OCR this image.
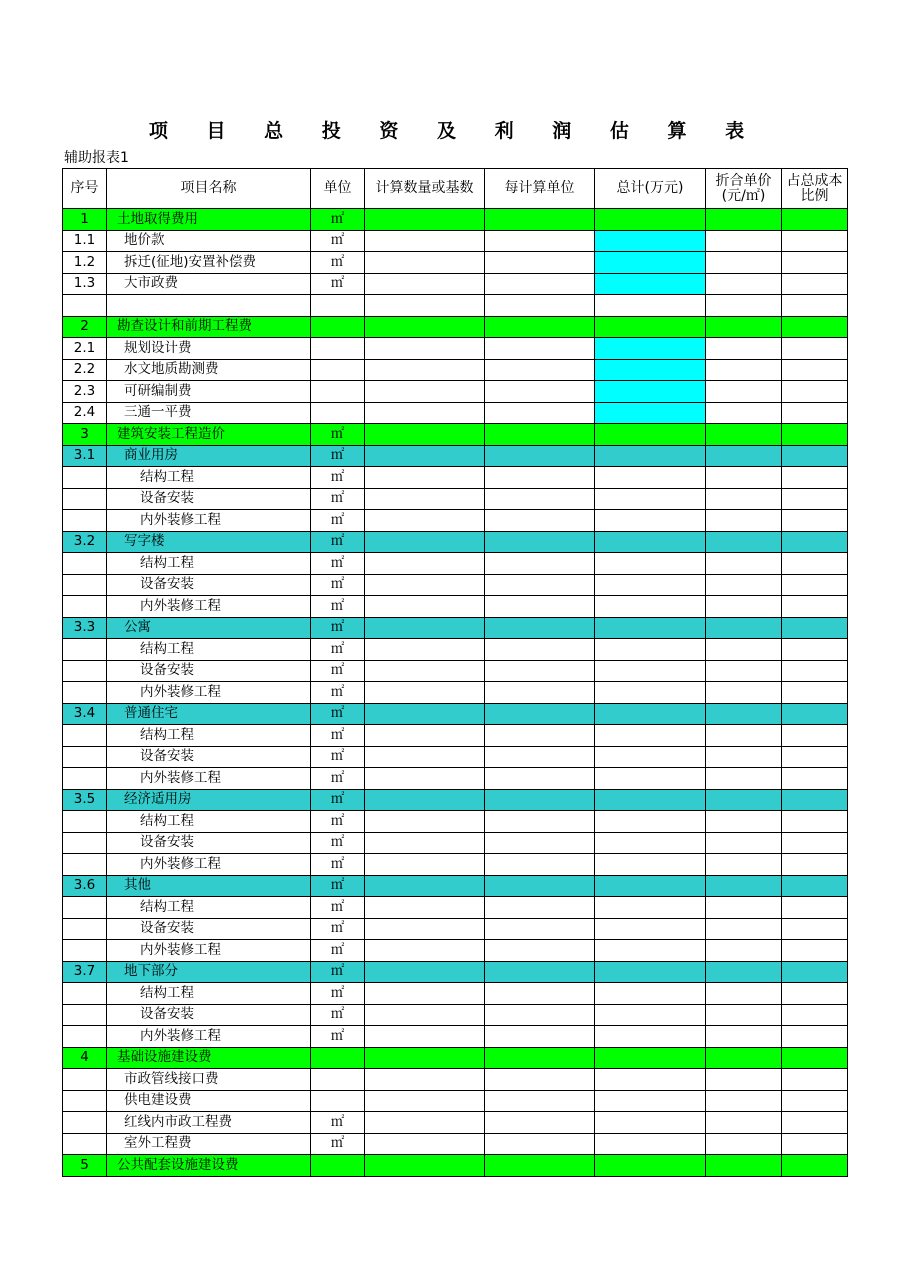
项 目 总 投 资 及 利 润 估 算 表
辅助报表1
序号	项目名称	单位	计算数量或基数	每计算单位	总计(万元)	折合单价(元/㎡)	占总成本比例
1	土地取得费用	㎡					
1.1	地价款	㎡					
1.2	拆迁(征地)安置补偿费	㎡					
1.3	大市政费	㎡					

2	勘查设计和前期工程费						
2.1	规划设计费						
2.2	水文地质勘测费						
2.3	可研编制费						
2.4	三通一平费						
3	建筑安装工程造价	㎡					
3.1	商业用房	㎡					
	结构工程	㎡					
	设备安装	㎡					
	内外装修工程	㎡					
3.2	写字楼	㎡					
	结构工程	㎡					
	设备安装	㎡					
	内外装修工程	㎡					
3.3	公寓	㎡					
	结构工程	㎡					
	设备安装	㎡					
	内外装修工程	㎡					
3.4	普通住宅	㎡					
	结构工程	㎡					
	设备安装	㎡					
	内外装修工程	㎡					
3.5	经济适用房	㎡					
	结构工程	㎡					
	设备安装	㎡					
	内外装修工程	㎡					
3.6	其他	㎡					
	结构工程	㎡					
	设备安装	㎡					
	内外装修工程	㎡					
3.7	地下部分	㎡					
	结构工程	㎡					
	设备安装	㎡					
	内外装修工程	㎡					
4	基础设施建设费						
	市政管线接口费						
	供电建设费						
	红线内市政工程费	㎡					
	室外工程费	㎡					
5	公共配套设施建设费						
